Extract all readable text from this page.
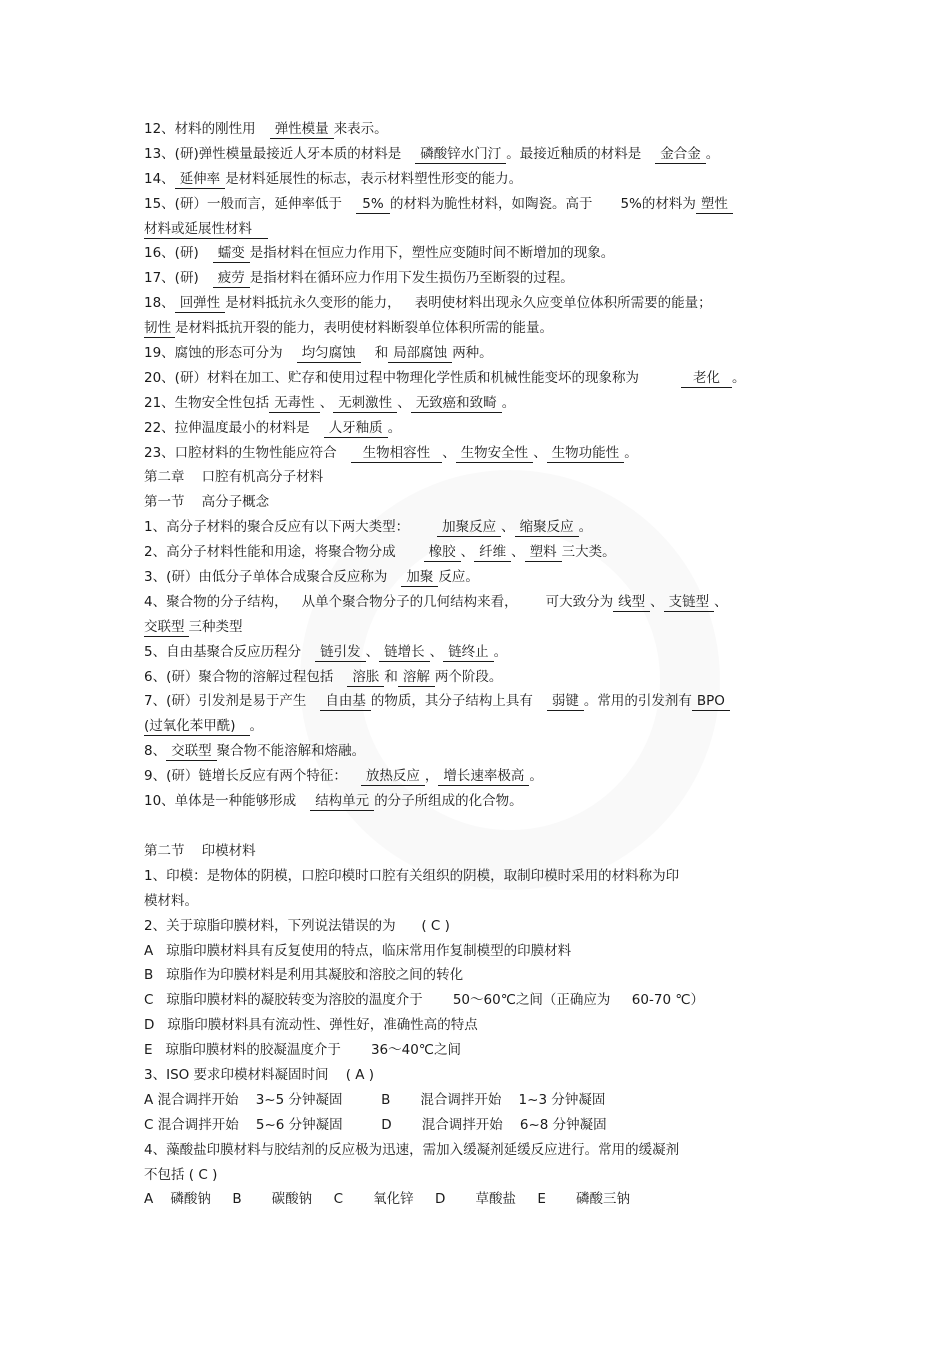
12、材料的刚性用 弹性模量 来表示。
13、(研)弹性模量最接近人牙本质的材料是 磷酸锌水门汀 。最接近釉质的材料是 金合金 。
14、 延伸率 是材料延展性的标志，表示材料塑性形变的能力。
15、(研）一般而言，延伸率低于 5% 的材料为脆性材料，如陶瓷。高于 5%的材料为 塑性
材料或延展性材料
16、(研) 蠕变 是指材料在恒应力作用下，塑性应变随时间不断增加的现象。
17、(研) 疲劳 是指材料在循环应力作用下发生损伤乃至断裂的过程。
18、 回弹性 是材料抵抗永久变形的能力， 表明使材料出现永久应变单位体积所需要的能量；
韧性 是材料抵抗开裂的能力，表明使材料断裂单位体积所需的能量。
19、腐蚀的形态可分为 均匀腐蚀 和 局部腐蚀 两种。
20、(研）材料在加工、贮存和使用过程中物理化学性质和机械性能变坏的现象称为	老化 。
21、生物安全性包括 无毒性 、 无刺激性 、 无致癌和致畸 。
22、拉伸温度最小的材料是 人牙釉质 。
23、口腔材料的生物性能应符合 生物相容性 、 生物安全性 、 生物功能性 。
第二章    口腔有机高分子材料
第一节    高分子概念
1、高分子材料的聚合反应有以下两大类型： 加聚反应 、 缩聚反应 。
2、高分子材料性能和用途，将聚合物分成 橡胶 、 纤维 、 塑料 三大类。
3、(研）由低分子单体合成聚合反应称为 加聚 反应。
4、聚合物的分子结构， 从单个聚合物分子的几何结构来看， 可大致分为 线型 、 支链型 、
交联型 三种类型
5、自由基聚合反应历程分 链引发 、 链增长 、 链终止 。
6、(研）聚合物的溶解过程包括 溶胀 和 溶解 两个阶段。
7、(研）引发剂是易于产生 自由基 的物质，其分子结构上具有 弱键 。常用的引发剂有 BPO
(过氧化苯甲酰) 。
8、 交联型 聚合物不能溶解和熔融。
9、(研）链增长反应有两个特征： 放热反应 ， 增长速率极高 。
10、单体是一种能够形成 结构单元 的分子所组成的化合物。
第二节    印模材料
1、印模：是物体的阴模，口腔印模时口腔有关组织的阴模，取制印模时采用的材料称为印
模材料。
2、关于琼脂印膜材料，下列说法错误的为      ( C )
A   琼脂印膜材料具有反复使用的特点，临床常用作复制模型的印膜材料
B   琼脂作为印膜材料是利用其凝胶和溶胶之间的转化
C   琼脂印膜材料的凝胶转变为溶胶的温度介于       50～60℃之间（正确应为     60-70 ℃）
D   琼脂印膜材料具有流动性、弹性好，准确性高的特点
E   琼脂印膜材料的胶凝温度介于       36～40℃之间
3、ISO 要求印模材料凝固时间    ( A )
A 混合调拌开始    3~5 分钟凝固         B       混合调拌开始    1~3 分钟凝固
C 混合调拌开始    5~6 分钟凝固         D       混合调拌开始    6~8 分钟凝固
4、藻酸盐印膜材料与胶结剂的反应极为迅速，需加入缓凝剂延缓反应进行。常用的缓凝剂
不包括 ( C )
A    磷酸钠     B       碳酸钠     C       氧化锌     D       草酸盐     E       磷酸三钠
